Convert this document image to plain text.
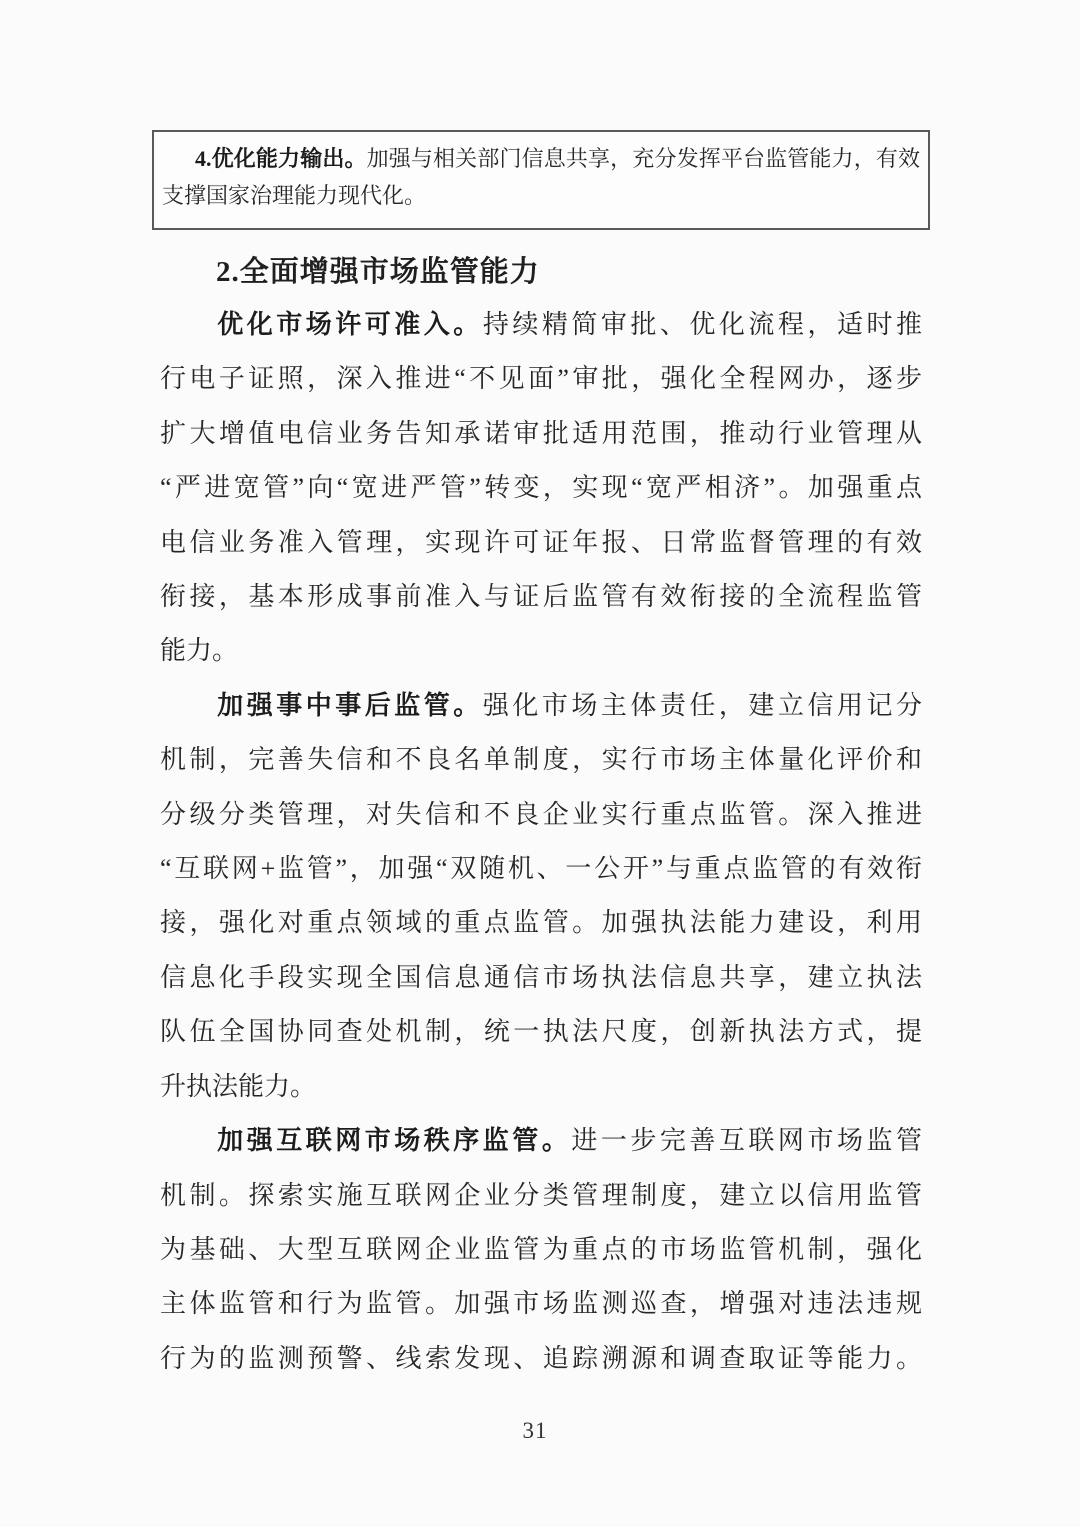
4.优化能力输出。加强与相关部门信息共享，充分发挥平台监管能力，有效
支撑国家治理能力现代化。
2.全面增强市场监管能力
优化市场许可准入。持续精简审批、优化流程，适时推
行电子证照，深入推进“不见面”审批，强化全程网办，逐步
扩大增值电信业务告知承诺审批适用范围，推动行业管理从
“严进宽管”向“宽进严管”转变，实现“宽严相济”。加强重点
电信业务准入管理，实现许可证年报、日常监督管理的有效
衔接，基本形成事前准入与证后监管有效衔接的全流程监管
能力。
加强事中事后监管。强化市场主体责任，建立信用记分
机制，完善失信和不良名单制度，实行市场主体量化评价和
分级分类管理，对失信和不良企业实行重点监管。深入推进
“互联网+监管”，加强“双随机、一公开”与重点监管的有效衔
接，强化对重点领域的重点监管。加强执法能力建设，利用
信息化手段实现全国信息通信市场执法信息共享，建立执法
队伍全国协同查处机制，统一执法尺度，创新执法方式，提
升执法能力。
加强互联网市场秩序监管。进一步完善互联网市场监管
机制。探索实施互联网企业分类管理制度，建立以信用监管
为基础、大型互联网企业监管为重点的市场监管机制，强化
主体监管和行为监管。加强市场监测巡查，增强对违法违规
行为的监测预警、线索发现、追踪溯源和调查取证等能力。
31
